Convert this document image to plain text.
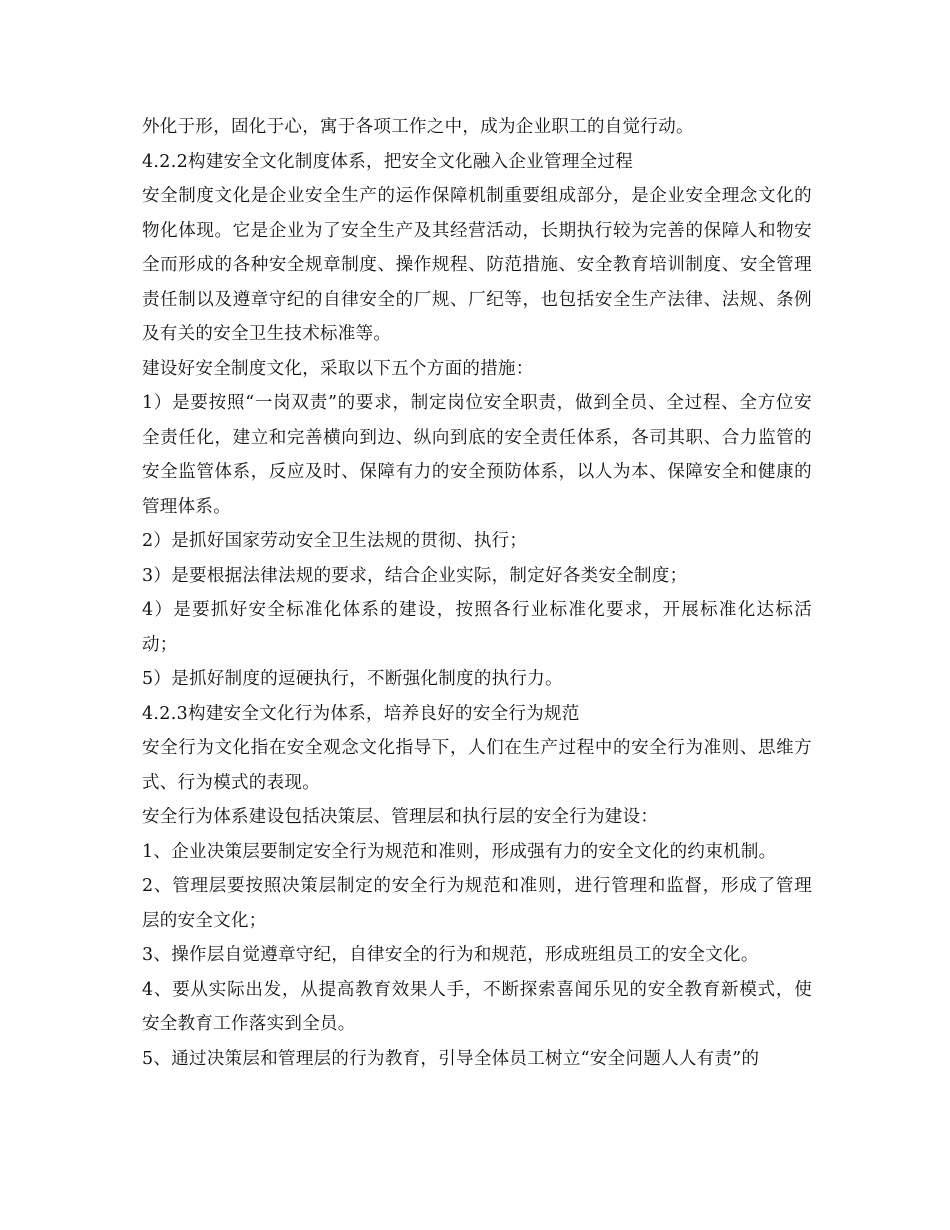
外化于形，固化于心，寓于各项工作之中，成为企业职工的自觉行动。

4.2.2构建安全文化制度体系，把安全文化融入企业管理全过程

安全制度文化是企业安全生产的运作保障机制重要组成部分，是企业安全理念文化的物化体现。它是企业为了安全生产及其经营活动，长期执行较为完善的保障人和物安全而形成的各种安全规章制度、操作规程、防范措施、安全教育培训制度、安全管理责任制以及遵章守纪的自律安全的厂规、厂纪等，也包括安全生产法律、法规、条例及有关的安全卫生技术标准等。

建设好安全制度文化，采取以下五个方面的措施：

1）是要按照“一岗双责”的要求，制定岗位安全职责，做到全员、全过程、全方位安全责任化，建立和完善横向到边、纵向到底的安全责任体系，各司其职、合力监管的安全监管体系，反应及时、保障有力的安全预防体系，以人为本、保障安全和健康的管理体系。

2）是抓好国家劳动安全卫生法规的贯彻、执行；

3）是要根据法律法规的要求，结合企业实际，制定好各类安全制度；

4）是要抓好安全标准化体系的建设，按照各行业标准化要求，开展标准化达标活动；

5）是抓好制度的逗硬执行，不断强化制度的执行力。

4.2.3构建安全文化行为体系，培养良好的安全行为规范

安全行为文化指在安全观念文化指导下，人们在生产过程中的安全行为准则、思维方式、行为模式的表现。

安全行为体系建设包括决策层、管理层和执行层的安全行为建设：

1、企业决策层要制定安全行为规范和准则，形成强有力的安全文化的约束机制。

2、管理层要按照决策层制定的安全行为规范和准则，进行管理和监督，形成了管理层的安全文化；

3、操作层自觉遵章守纪，自律安全的行为和规范，形成班组员工的安全文化。

4、要从实际出发，从提高教育效果人手，不断探索喜闻乐见的安全教育新模式，使安全教育工作落实到全员。

5、通过决策层和管理层的行为教育，引导全体员工树立“安全问题人人有责”的
